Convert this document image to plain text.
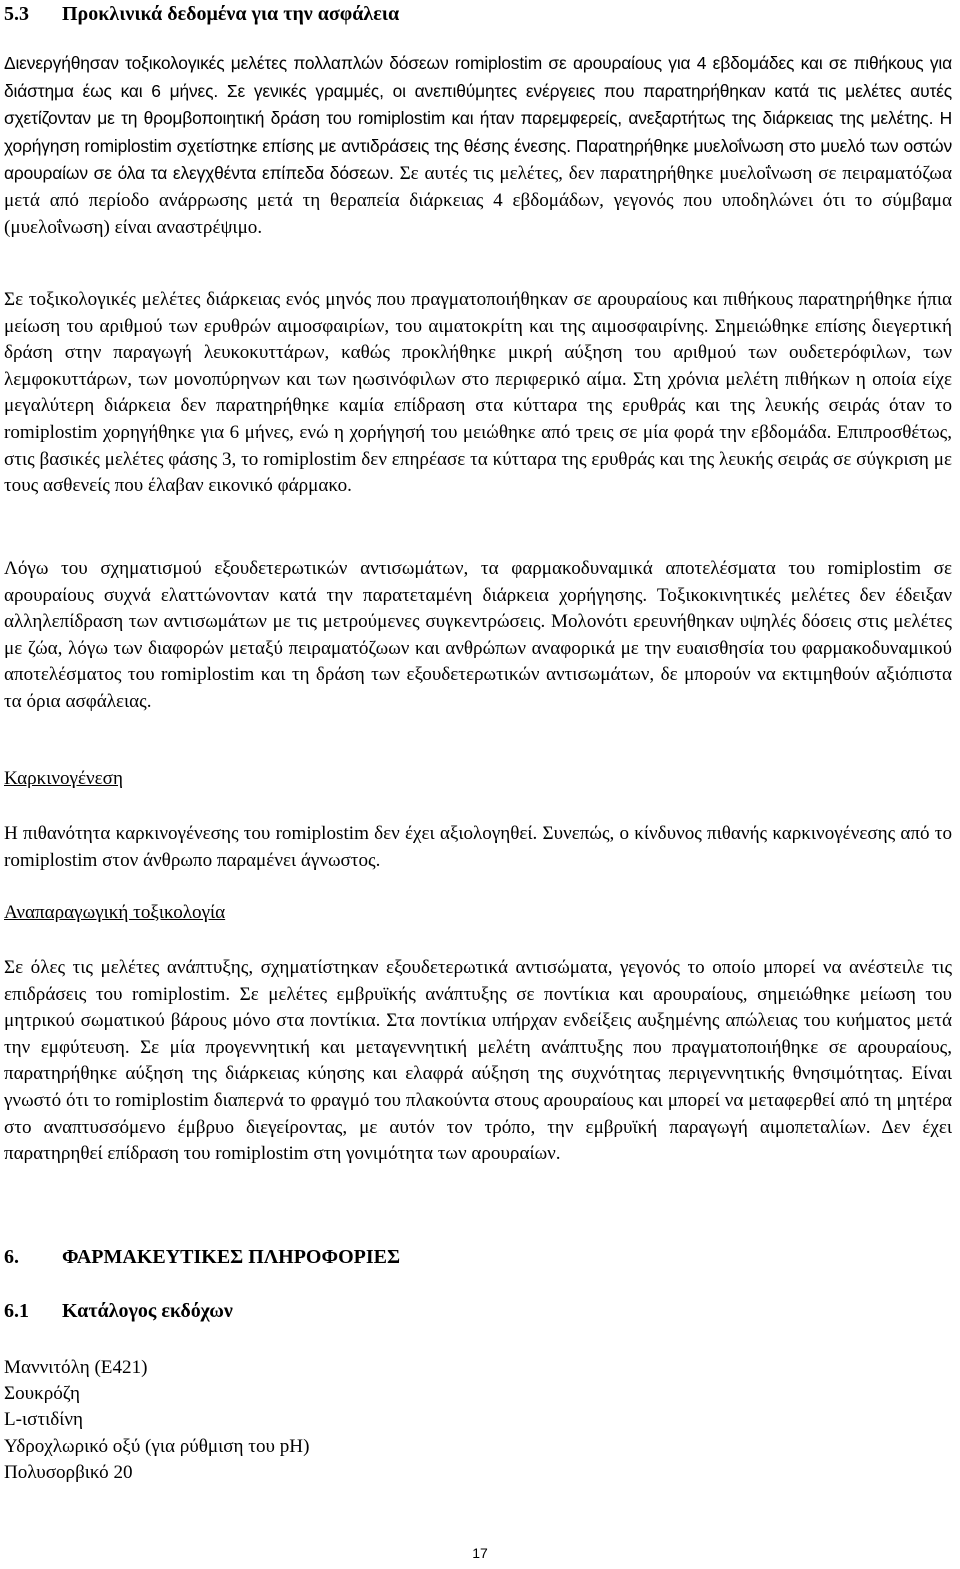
5.3 Προκλινικά δεδομένα για την ασφάλεια
Διενεργήθησαν τοξικολογικές μελέτες πολλαπλών δόσεων romiplostim σε αρουραίους για 4 εβδομάδες και σε πιθήκους για διάστημα έως και 6 μήνες. Σε γενικές γραμμές, οι ανεπιθύμητες ενέργειες που παρατηρήθηκαν κατά τις μελέτες αυτές σχετίζονταν με τη θρομβοποιητική δράση του romiplostim και ήταν παρεμφερείς, ανεξαρτήτως της διάρκειας της μελέτης. Η χορήγηση romiplostim σχετίστηκε επίσης με αντιδράσεις της θέσης ένεσης. Παρατηρήθηκε μυελοΐνωση στο μυελό των οστών αρουραίων σε όλα τα ελεγχθέντα επίπεδα δόσεων. Σε αυτές τις μελέτες, δεν παρατηρήθηκε μυελοΐνωση σε πειραματόζωα μετά από περίοδο ανάρρωσης μετά τη θεραπεία διάρκειας 4 εβδομάδων, γεγονός που υποδηλώνει ότι το σύμβαμα (μυελοΐνωση) είναι αναστρέψιμο.
Σε τοξικολογικές μελέτες διάρκειας ενός μηνός που πραγματοποιήθηκαν σε αρουραίους και πιθήκους παρατηρήθηκε ήπια μείωση του αριθμού των ερυθρών αιμοσφαιρίων, του αιματοκρίτη και της αιμοσφαιρίνης. Σημειώθηκε επίσης διεγερτική δράση στην παραγωγή λευκοκυττάρων, καθώς προκλήθηκε μικρή αύξηση του αριθμού των ουδετερόφιλων, των λεμφοκυττάρων, των μονοπύρηνων και των ηωσινόφιλων στο περιφερικό αίμα. Στη χρόνια μελέτη πιθήκων η οποία είχε μεγαλύτερη διάρκεια δεν παρατηρήθηκε καμία επίδραση στα κύτταρα της ερυθράς και της λευκής σειράς όταν το romiplostim χορηγήθηκε για 6 μήνες, ενώ η χορήγησή του μειώθηκε από τρεις σε μία φορά την εβδομάδα. Επιπροσθέτως, στις βασικές μελέτες φάσης 3, το romiplostim δεν επηρέασε τα κύτταρα της ερυθράς και της λευκής σειράς σε σύγκριση με τους ασθενείς που έλαβαν εικονικό φάρμακο.
Λόγω του σχηματισμού εξουδετερωτικών αντισωμάτων, τα φαρμακοδυναμικά αποτελέσματα του romiplostim σε αρουραίους συχνά ελαττώνονταν κατά την παρατεταμένη διάρκεια χορήγησης. Τοξικοκινητικές μελέτες δεν έδειξαν αλληλεπίδραση των αντισωμάτων με τις μετρούμενες συγκεντρώσεις. Μολονότι ερευνήθηκαν υψηλές δόσεις στις μελέτες με ζώα, λόγω των διαφορών μεταξύ πειραματόζωων και ανθρώπων αναφορικά με την ευαισθησία του φαρμακοδυναμικού αποτελέσματος του romiplostim και τη δράση των εξουδετερωτικών αντισωμάτων, δε μπορούν να εκτιμηθούν αξιόπιστα τα όρια ασφάλειας.
Καρκινογένεση
Η πιθανότητα καρκινογένεσης του romiplostim δεν έχει αξιολογηθεί. Συνεπώς, ο κίνδυνος πιθανής καρκινογένεσης από το romiplostim στον άνθρωπο παραμένει άγνωστος.
Αναπαραγωγική τοξικολογία
Σε όλες τις μελέτες ανάπτυξης, σχηματίστηκαν εξουδετερωτικά αντισώματα, γεγονός το οποίο μπορεί να ανέστειλε τις επιδράσεις του romiplostim. Σε μελέτες εμβρυϊκής ανάπτυξης σε ποντίκια και αρουραίους, σημειώθηκε μείωση του μητρικού σωματικού βάρους μόνο στα ποντίκια. Στα ποντίκια υπήρχαν ενδείξεις αυξημένης απώλειας του κυήματος μετά την εμφύτευση. Σε μία προγεννητική και μεταγεννητική μελέτη ανάπτυξης που πραγματοποιήθηκε σε αρουραίους, παρατηρήθηκε αύξηση της διάρκειας κύησης και ελαφρά αύξηση της συχνότητας περιγεννητικής θνησιμότητας. Είναι γνωστό ότι το romiplostim διαπερνά το φραγμό του πλακούντα στους αρουραίους και μπορεί να μεταφερθεί από τη μητέρα στο αναπτυσσόμενο έμβρυο διεγείροντας, με αυτόν τον τρόπο, την εμβρυϊκή παραγωγή αιμοπεταλίων. Δεν έχει παρατηρηθεί επίδραση του romiplostim στη γονιμότητα των αρουραίων.
6. ΦΑΡΜΑΚΕΥΤΙΚΕΣ ΠΛΗΡΟΦΟΡΙΕΣ
6.1 Κατάλογος εκδόχων
Μαννιτόλη (E421)
Σουκρόζη
L-ιστιδίνη
Υδροχλωρικό οξύ (για ρύθμιση του pH)
Πολυσορβικό 20
17
